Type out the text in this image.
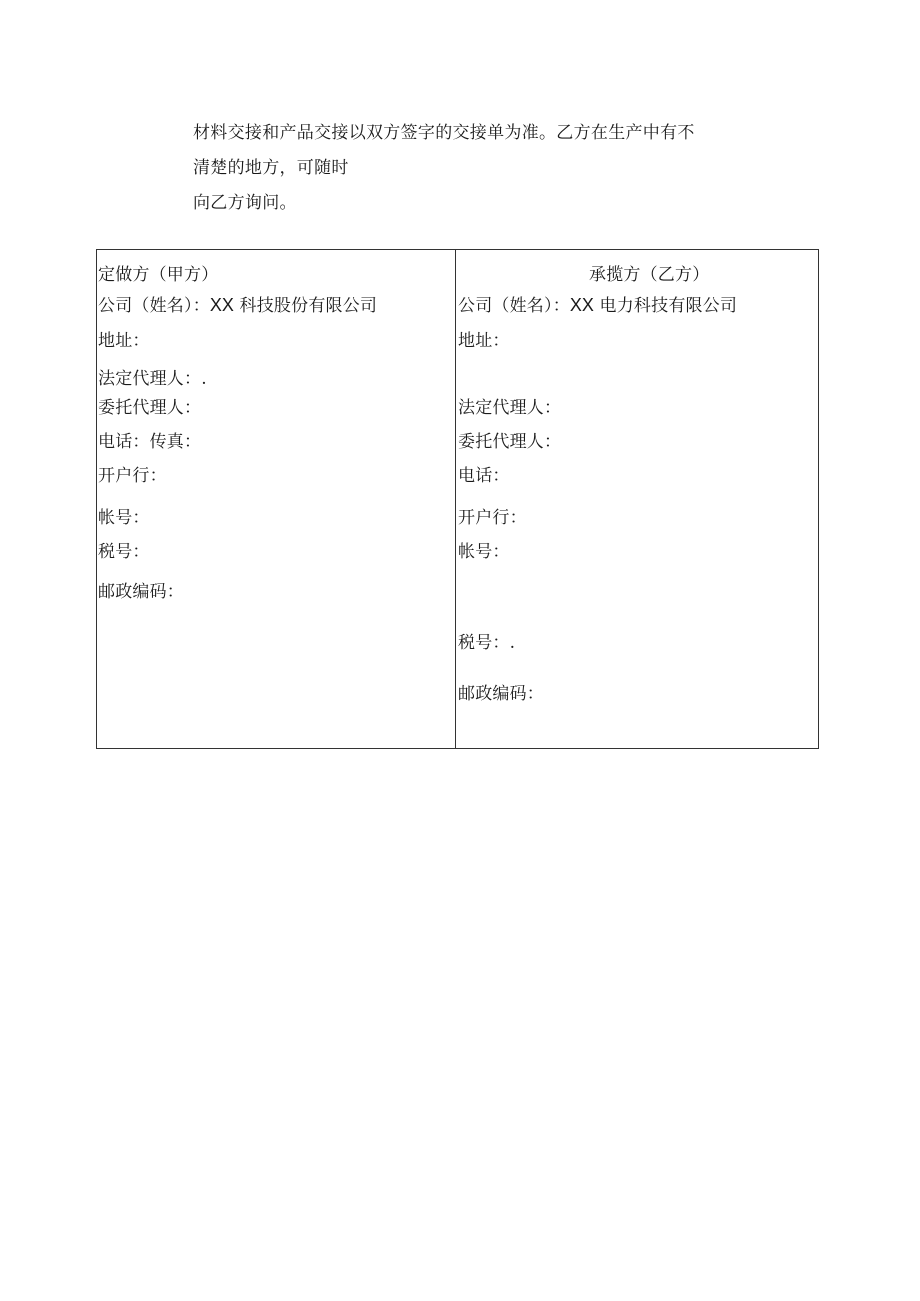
材料交接和产品交接以双方签字的交接单为准。乙方在生产中有不
清楚的地方，可随时
向乙方询问。
定做方（甲方）
公司（姓名）：XX 科技股份有限公司
地址：
法定代理人：.
委托代理人：
电话：传真：
开户行：
帐号：
税号：
邮政编码：
承揽方（乙方）
公司（姓名）：XX 电力科技有限公司
地址：
法定代理人：
委托代理人：
电话：
开户行：
帐号：
税号：.
邮政编码：
